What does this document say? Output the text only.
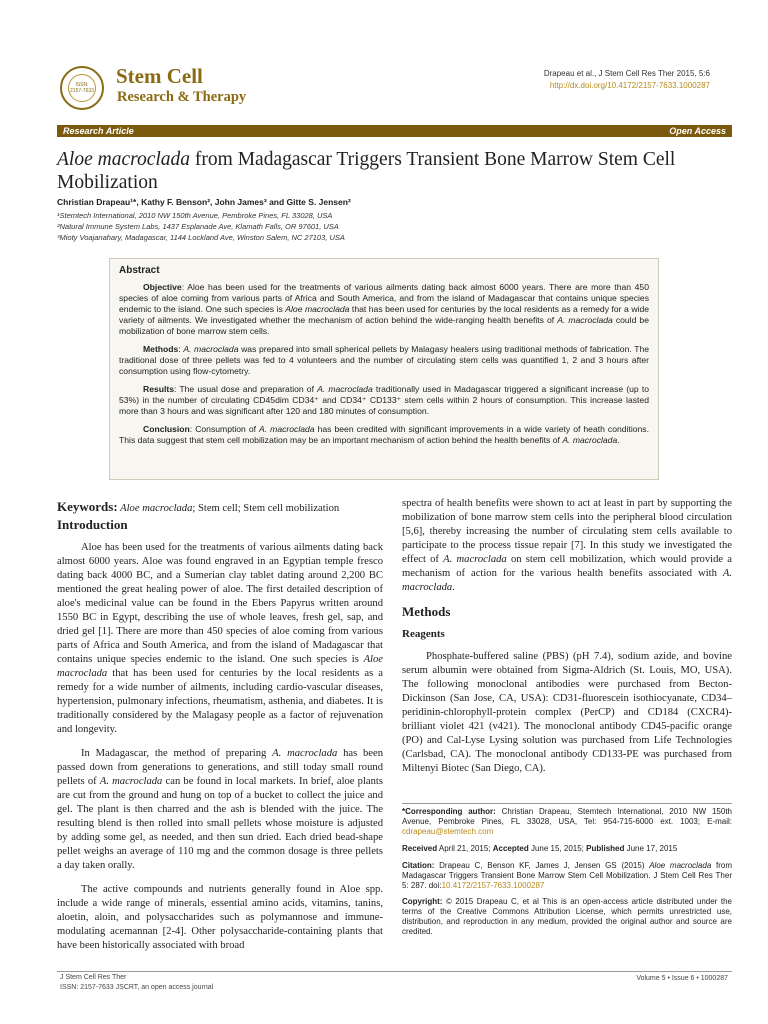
ISSN: 2157-7633
Stem Cell
Research & Therapy
Drapeau et al., J Stem Cell Res Ther 2015, 5:6
http://dx.doi.org/10.4172/2157-7633.1000287
Research Article	Open Access
Aloe macroclada from Madagascar Triggers Transient Bone Marrow Stem Cell Mobilization
Christian Drapeau¹*, Kathy F. Benson², John James³ and Gitte S. Jensen²
¹Stemtech International, 2010 NW 150th Avenue, Pembroke Pines, FL 33028, USA
²Natural Immune System Labs, 1437 Esplanade Ave, Klamath Falls, OR 97601, USA
³Mioty Voajanahary, Madagascar, 1144 Lockland Ave, Winston Salem, NC 27103, USA
Abstract

Objective: Aloe has been used for the treatments of various ailments dating back almost 6000 years. There are more than 450 species of aloe coming from various parts of Africa and South America, and from the island of Madagascar that contains unique species endemic to the island. One such species is Aloe macroclada that has been used for centuries by the local residents as a remedy for a wide variety of ailments. We investigated whether the mechanism of action behind the wide-ranging health benefits of A. macroclada could be mobilization of bone marrow stem cells.

Methods: A. macroclada was prepared into small spherical pellets by Malagasy healers using traditional methods of fabrication. The traditional dose of three pellets was fed to 4 volunteers and the number of circulating stem cells was quantified 1, 2 and 3 hours after consumption using flow-cytometry.

Results: The usual dose and preparation of A. macroclada traditionally used in Madagascar triggered a significant increase (up to 53%) in the number of circulating CD45dim CD34⁺ and CD34⁺ CD133⁺ stem cells within 2 hours of consumption. This increase lasted more than 3 hours and was significant after 120 and 180 minutes of consumption.

Conclusion: Consumption of A. macroclada has been credited with significant improvements in a wide variety of heath conditions. This data suggest that stem cell mobilization may be an important mechanism of action behind the health benefits of A. macroclada.

Keywords: Aloe macroclada; Stem cell; Stem cell mobilization
Introduction

Aloe has been used for the treatments of various ailments dating back almost 6000 years. Aloe was found engraved in an Egyptian temple fresco dating back 4000 BC, and a Sumerian clay tablet dating around 2,200 BC mentioned the great healing power of aloe. The first detailed description of aloe's medicinal value can be found in the Ebers Papyrus written around 1550 BC in Egypt, describing the use of whole leaves, fresh gel, sap, and dried gel [1]. There are more than 450 species of aloe coming from various parts of Africa and South America, and from the island of Madagascar that contains unique species endemic to the island. One such species is Aloe macroclada that has been used for centuries by the local residents as a remedy for a wide number of ailments, including cardio-vascular diseases, hypertension, pulmonary infections, rheumatism, asthenia, and diabetes. It is traditionally considered by the Malagasy people as a factor of rejuvenation and longevity.

In Madagascar, the method of preparing A. macroclada has been passed down from generations to generations, and still today small round pellets of A. macroclada can be found in local markets. In brief, aloe plants are cut from the ground and hung on top of a bucket to collect the juice and gel. The plant is then charred and the ash is blended with the juice. The resulting blend is then rolled into small pellets whose moisture is adjusted by adding some gel, as needed, and then sun dried. Each dried bead-shape pellet weighs an average of 110 mg and the common dosage is three pellets a day taken orally.

The active compounds and nutrients generally found in Aloe spp. include a wide range of minerals, essential amino acids, vitamins, tanins, aloetin, aloin, and polysaccharides such as polymannose and immune-modulating acemannan [2-4]. Other polysaccharide-containing plants that have been historically associated with broad

spectra of health benefits were shown to act at least in part by supporting the mobilization of bone marrow stem cells into the peripheral blood circulation [5,6], thereby increasing the number of circulating stem cells available to participate to the process tissue repair [7]. In this study we investigated the effect of A. macroclada on stem cell mobilization, which would provide a mechanism of action for the various health benefits associated with A. macroclada.

Methods
Reagents

Phosphate-buffered saline (PBS) (pH 7.4), sodium azide, and bovine serum albumin were obtained from Sigma-Aldrich (St. Louis, MO, USA). The following monoclonal antibodies were purchased from Becton-Dickinson (San Jose, CA, USA): CD31-fluorescein isothiocyanate, CD34–peridinin-chlorophyll-protein complex (PerCP) and CD184 (CXCR4)-brilliant violet 421 (v421). The monoclonal antibody CD45-pacific orange (PO) and Cal-Lyse Lysing solution was purchased from Life Technologies (Carlsbad, CA). The monoclonal antibody CD133-PE was purchased from Miltenyi Biotec (San Diego, CA).

*Corresponding author: Christian Drapeau, Stemtech International, 2010 NW 150th Avenue, Pembroke Pines, FL 33028, USA, Tel: 954-715-6000 ext. 1003; E-mail: cdrapeau@stemtech.com
Received April 21, 2015; Accepted June 15, 2015; Published June 17, 2015
Citation: Drapeau C, Benson KF, James J, Jensen GS (2015) Aloe macroclada from Madagascar Triggers Transient Bone Marrow Stem Cell Mobilization. J Stem Cell Res Ther 5: 287. doi:10.4172/2157-7633.1000287
Copyright: © 2015 Drapeau C, et al This is an open-access article distributed under the terms of the Creative Commons Attribution License, which permits unrestricted use, distribution, and reproduction in any medium, provided the original author and source are credited.
J Stem Cell Res Ther
ISSN: 2157-7633 JSCRT, an open access journal
Volume 5 • Issue 6 • 1000287
